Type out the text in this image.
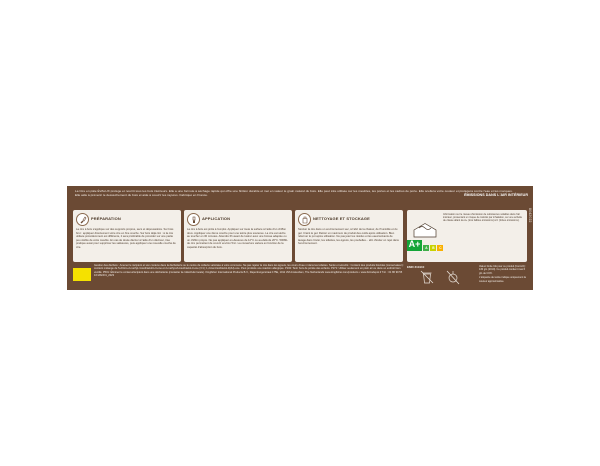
La Cire en pâte ÉVALUX protège et nourrit tous les bois intérieurs. Elle a une formule à séchage rapide qui offre une finition durable et met en valeur le grain naturel du bois. Elle peut être utilisée sur les meubles, les portes et les cadres de porte. Elle scellera votre couleur et protégera contre l'eau et les marques. Elle aide à prévenir le dessèchement du bois et aide à couvrir les rayures. Fabriqué en France.
PRÉPARATION
La cire à bois s'applique sur des supports propres, secs et dépoussiérés. Sur bois brut : appliquer directement votre cire en fine couche. Sur bois déjà ciré : si la cire utilisée précédemment est différente, il sera préférable de procéder sur une partie peu visible de votre meuble. En cas de doute décirer à l'aide d'un décireur, trée pratique aussi pour supprimer les salissures, puis appliquer une nouvelle couche de cire.
APPLICATION
La cire à bois est prête à l'emploi. Appliquer sur toute la surface à l'aide d'un chiffon doux. Appliquer une 2ème couche pour une teinte plus soutenue. La cire est sèche au toucher en 30 minutes. Attendre 6h avant de lustrer avec une brosse adaptée ou un chiffon propre. Ne pas appliquer en-dessous de 12°C ou au-delà de 20°C. 500ML de cire permettent de couvrir environ 5m². La couverture variera en fonction de la capacité d'absorption du bois.
NETTOYAGE ET STOCKAGE
Stocker la cire dans un environnement sec, à l'abri de la chaleur, de l'humidité et du gel. Craint le gel. Retirer un maximum de produit des outils après utilisation. Bien refermer le pot après utilisation. Ne pas jeter les résidus et les eaux/solvants de lavage dans l'évier, les toilettes, les égouts, les poubelles... afin d'éviter un rejet dans l'environnement.
ÉMISSIONS DANS L'AIR INTÉRIEUR
A+	A	B	C

Information sur le niveau d'émission de substances volatiles dans l'air intérieur, présentant un risque de toxicité par inhalation, sur une échelle de classe allant de A+ (très faibles émissions) à C (fortes émissions).	8042022
Gestion des déchets : Amener le récipient et son contenu dans la déchetterie ou le centre de collecte valorisée à votre commune. Ne pas rejeter la cire dans les égouts, les cours d'eau ni dans les toilettes. Santé et sécurité : Contient des produits biocides (conservateur): contient mélange de 5-chloro-2-methyl-4-isothiazolin-3-one et 2-methyl-2H-isothiazol-3-one (3:1); 1,2-benzisothiazol-3(2H)-one. Peut produire une réaction allergique. P102: Tenir hors de portée des enfants. P271: Utiliser seulement en plein air ou dans un endroit bien ventilé. P501: Éliminer le contenu/récipient dans une déchetterie (contacter la collectivité locale). Kingfisher International Products B.V., Rapenburgerstraat 175E, 1011 VM Amsterdam, The Netherlands www.kingfisher.com/products • www.bricodepot.fr Tél. : 01 86 99 55 16 MANO1_2023
EMD 311910	Valeur limite UE pour ce produit (Cat A/d) : 130 g/L (2010). Ce produit contient max 6 g/L de COV.

L'étiquette de teinte indique uniquement la couleur approximative.
